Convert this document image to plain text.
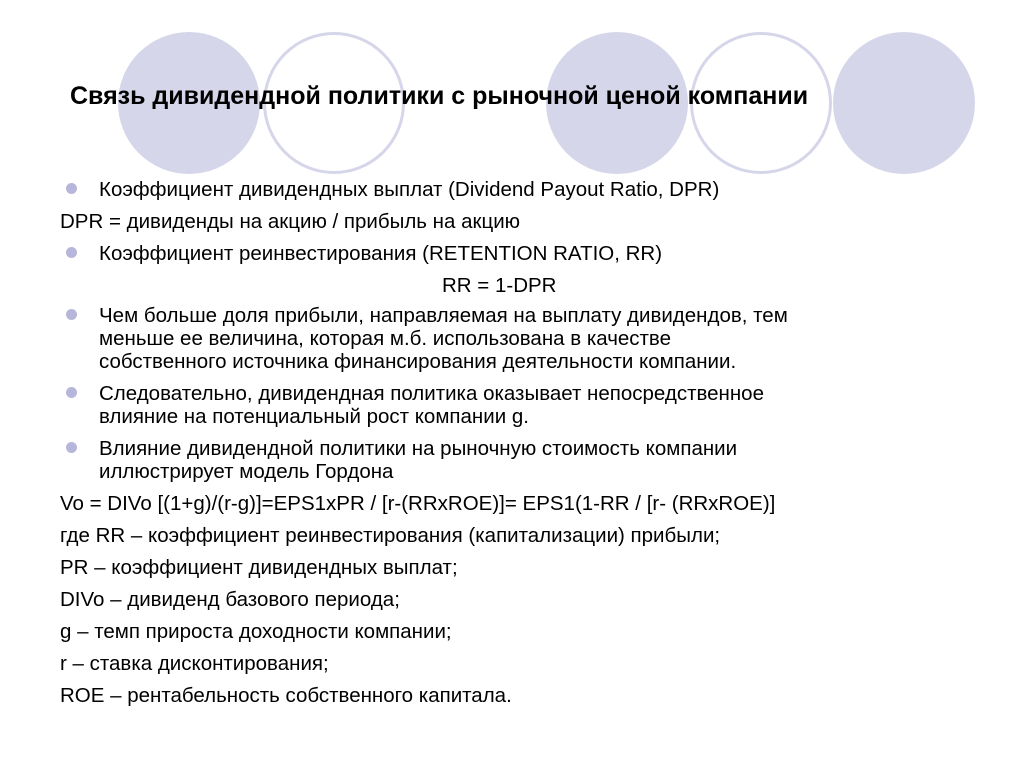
Связь дивидендной политики с рыночной ценой компании
Коэффициент дивидендных выплат (Dividend Payout Ratio, DPR)
DPR = дивиденды на акцию / прибыль на акцию
Коэффициент реинвестирования (RETENTION RATIO, RR)
RR = 1-DPR
Чем больше доля прибыли, направляемая на выплату дивидендов, тем
меньше ее величина, которая м.б. использована в качестве
собственного источника финансирования деятельности компании.
Следовательно, дивидендная политика оказывает непосредственное
влияние на потенциальный рост компании g.
Влияние дивидендной политики на рыночную стоимость компании
иллюстрирует модель Гордона
Vo = DIVo [(1+g)/(r-g)]=EPS1xPR / [r-(RRxROE)]= EPS1(1-RR / [r- (RRxROE)]
где RR – коэффициент реинвестирования (капитализации) прибыли;
PR – коэффициент дивидендных выплат;
DIVo – дивиденд базового периода;
g – темп прироста доходности компании;
r – ставка дисконтирования;
ROE – рентабельность собственного капитала.
